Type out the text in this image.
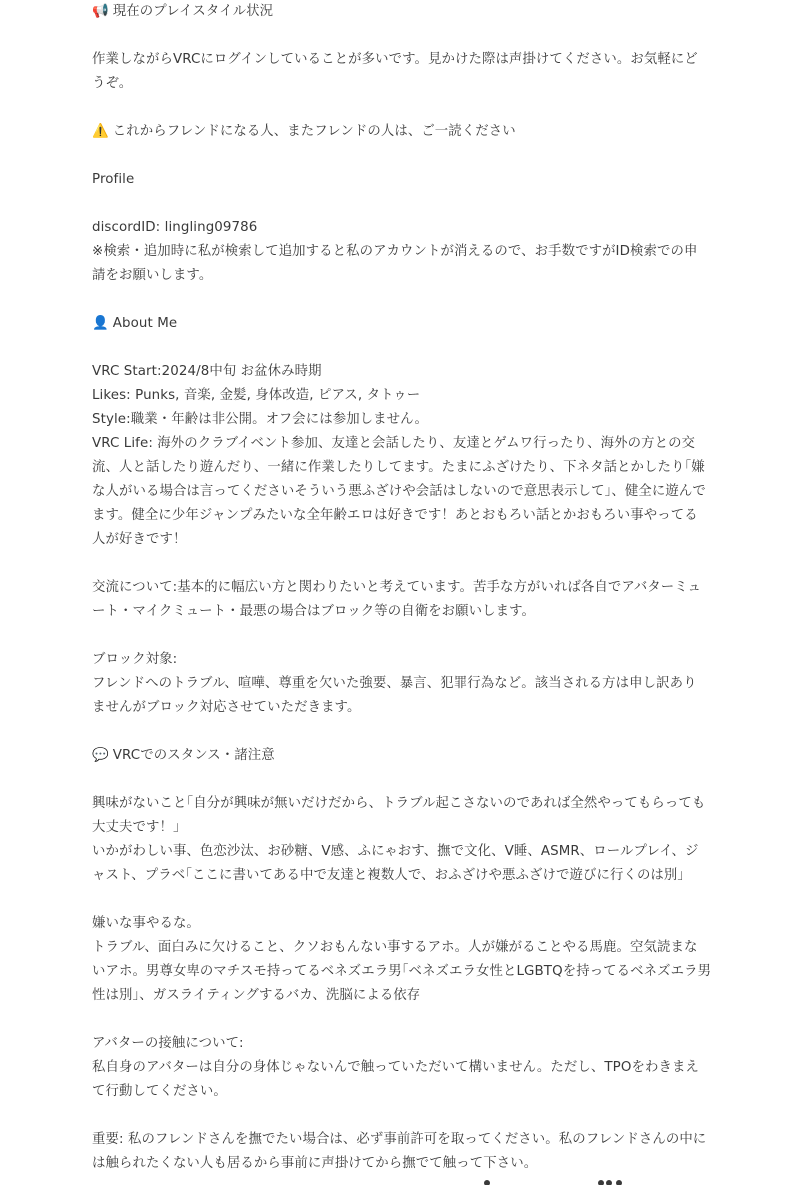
📢 現在のプレイスタイル状況
作業しながらVRCにログインしていることが多いです。見かけた際は声掛けてください。お気軽にど
うぞ。
⚠️ これからフレンドになる人、またフレンドの人は、ご一読ください
Profile
discordID: lingling09786
※検索・追加時に私が検索して追加すると私のアカウントが消えるので、お手数ですがID検索での申
請をお願いします。
👤 About Me
VRC Start:2024/8中旬 お盆休み時期
Likes: Punks, 音楽, 金髪, 身体改造, ピアス, タトゥー
Style:職業・年齢は非公開。オフ会には参加しません。
VRC Life: 海外のクラブイベント参加、友達と会話したり、友達とゲムワ行ったり、海外の方との交
流、人と話したり遊んだり、一緒に作業したりしてます。たまにふざけたり、下ネタ話とかしたり｢嫌
な人がいる場合は言ってくださいそういう悪ふざけや会話はしないので意思表示して｣、健全に遊んで
ます。健全に少年ジャンプみたいな全年齢エロは好きです！あとおもろい話とかおもろい事やってる
人が好きです！
交流について:基本的に幅広い方と関わりたいと考えています。苦手な方がいれば各自でアバターミュ
ート・マイクミュート・最悪の場合はブロック等の自衛をお願いします。
ブロック対象:
フレンドへのトラブル、喧嘩、尊重を欠いた強要、暴言、犯罪行為など。該当される方は申し訳あり
ませんがブロック対応させていただきます。
💬 VRCでのスタンス・諸注意
興味がないこと｢自分が興味が無いだけだから、トラブル起こさないのであれば全然やってもらっても
大丈夫です！｣
いかがわしい事、色恋沙汰、お砂糖、V感、ふにゃおす、撫で文化、V睡、ASMR、ロールプレイ、ジ
ャスト、プラベ｢ここに書いてある中で友達と複数人で、おふざけや悪ふざけで遊びに行くのは別｣
嫌いな事やるな。
トラブル、面白みに欠けること、クソおもんない事するアホ。人が嫌がることやる馬鹿。空気読まな
いアホ。男尊女卑のマチスモ持ってるベネズエラ男｢ベネズエラ女性とLGBTQを持ってるベネズエラ男
性は別｣、ガスライティングするバカ、洗脳による依存
アバターの接触について:
私自身のアバターは自分の身体じゃないんで触っていただいて構いません。ただし、TPOをわきまえ
て行動してください。
重要: 私のフレンドさんを撫でたい場合は、必ず事前許可を取ってください。私のフレンドさんの中に
は触られたくない人も居るから事前に声掛けてから撫でて触って下さい。
